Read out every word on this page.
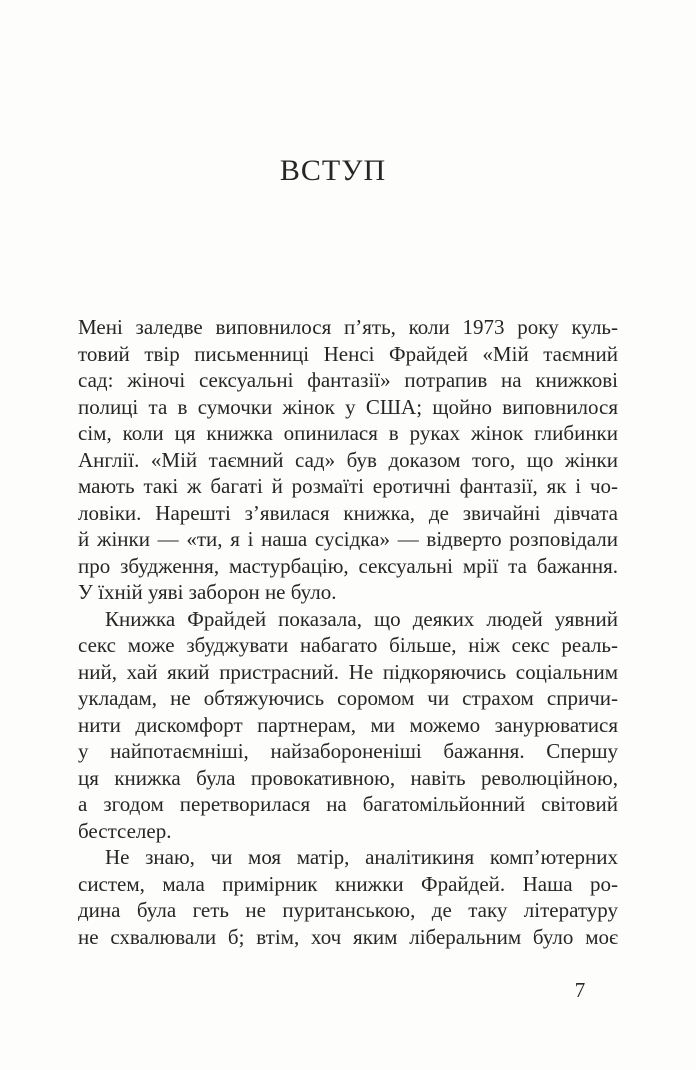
ВСТУП
Мені заледве виповнилося п’ять, коли 1973 року куль-
товий твір письменниці Ненсі Фрайдей «Мій таємний
сад: жіночі сексуальні фантазії» потрапив на книжкові
полиці та в сумочки жінок у США; щойно виповнилося
сім, коли ця книжка опинилася в руках жінок глибинки
Англії. «Мій таємний сад» був доказом того, що жінки
мають такі ж багаті й розмаїті еротичні фантазії, як і чо-
ловіки. Нарешті з’явилася книжка, де звичайні дівчата
й жінки — «ти, я і наша сусідка» — відверто розповідали
про збудження, мастурбацію, сексуальні мрії та бажання.
У їхній уяві заборон не було.
Книжка Фрайдей показала, що деяких людей уявний
секс може збуджувати набагато більше, ніж секс реаль-
ний, хай який пристрасний. Не підкоряючись соціальним
укладам, не обтяжуючись соромом чи страхом спричи-
нити дискомфорт партнерам, ми можемо занурюватися
у найпотаємніші, найзабороненіші бажання. Спершу
ця книжка була провокативною, навіть революційною,
а згодом перетворилася на багатомільйонний світовий
бестселер.
Не знаю, чи моя матір, аналітикиня комп’ютерних
систем, мала примірник книжки Фрайдей. Наша ро-
дина була геть не пуританською, де таку літературу
не схвалювали б; втім, хоч яким ліберальним було моє
7
